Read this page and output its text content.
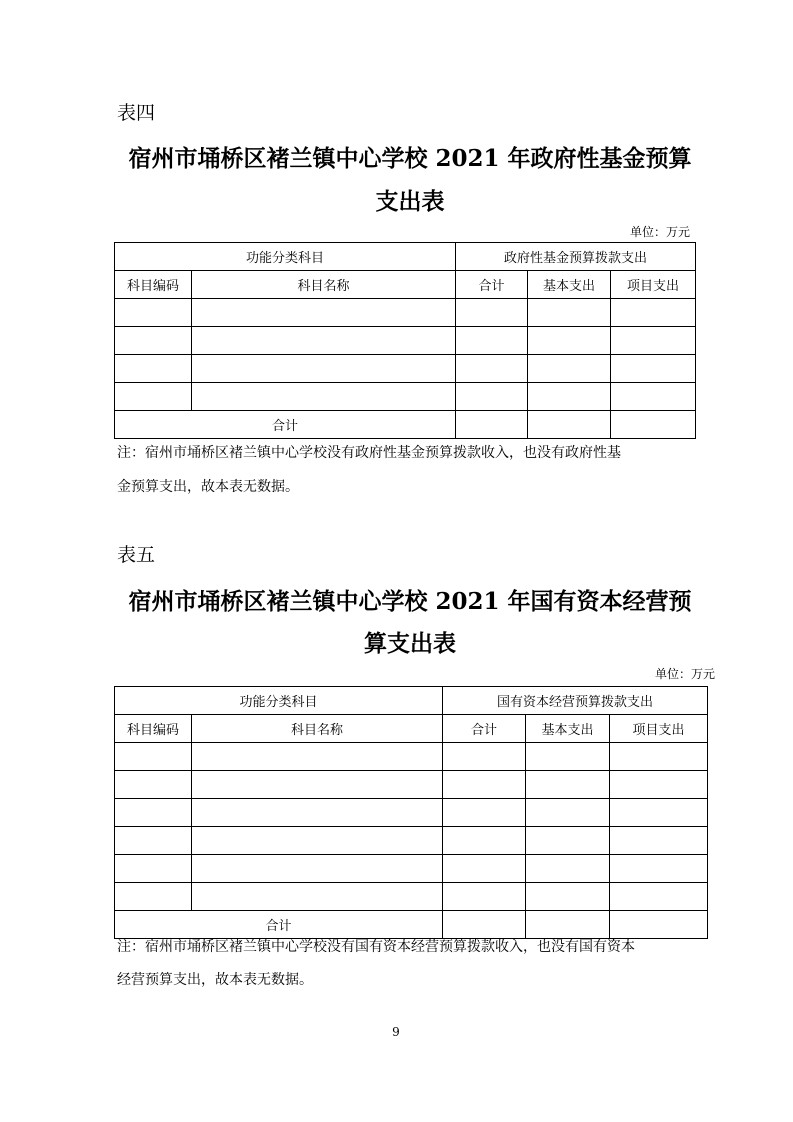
表四
宿州市埇桥区褚兰镇中心学校 2021 年政府性基金预算
支出表
单位：万元
功能分类科目		政府性基金预算拨款支出		
科目编码	科目名称	合计	基本支出	项目支出

合计				
注：宿州市埇桥区褚兰镇中心学校没有政府性基金预算拨款收入，也没有政府性基
金预算支出，故本表无数据。
表五
宿州市埇桥区褚兰镇中心学校 2021 年国有资本经营预
算支出表
单位：万元
功能分类科目		国有资本经营预算拨款支出		
科目编码	科目名称	合计	基本支出	项目支出

合计				
注：宿州市埇桥区褚兰镇中心学校没有国有资本经营预算拨款收入，也没有国有资本
经营预算支出，故本表无数据。
9
